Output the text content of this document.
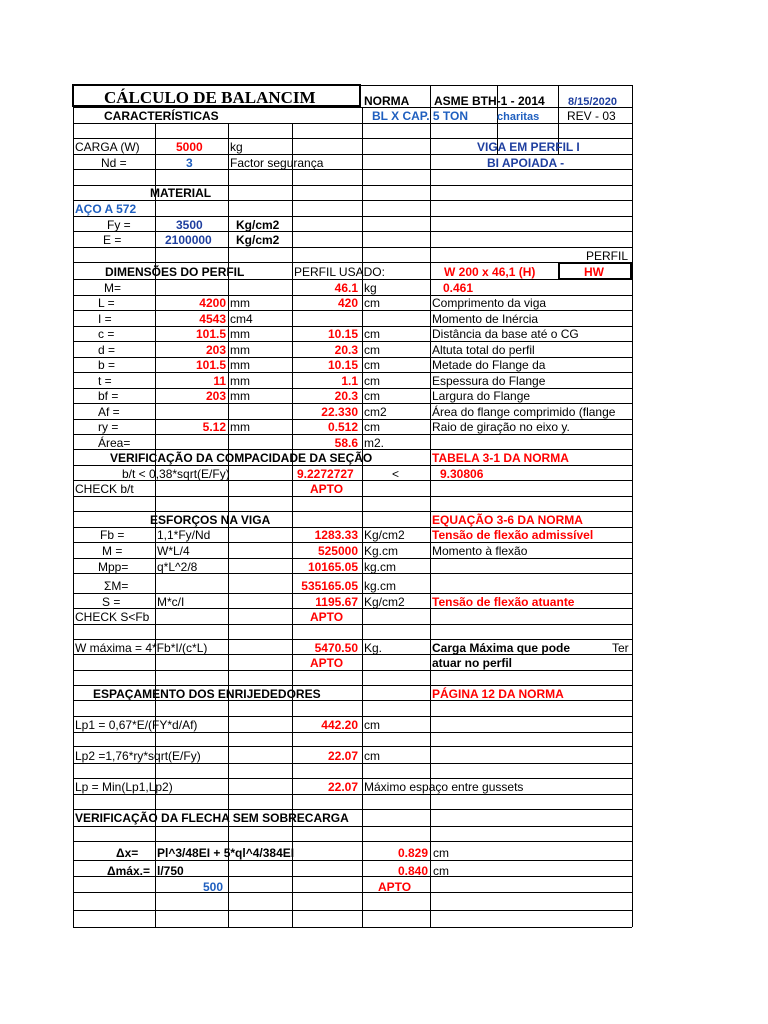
CÁLCULO DE BALANCIM	NORMA ASME BTH-1 - 2014 8/15/2020
CARACTERÍSTICAS	BL X CAP. 5 TON	charitas REV - 03
CARGA (W)	5000 kg	VIGA EM PERFIL I
Nd =	3	Factor segurança	BI APOIADA -
MATERIAL
AÇO A 572
Fy =	3500	Kg/cm2
E =	2100000 Kg/cm2
PERFIL
DIMENSÕES DO PERFIL	PERFIL USADO:	W 200 x 46,1 (H)	HW
M=	46.1 kg	0.461
L =	4200 mm	420 cm	Comprimento da viga
I =	4543 cm4	Momento de Inércia
c =	101.5 mm	10.15 cm	Distância da base até o CG
d =	203 mm	20.3 cm	Altuta total do perfil
b =	101.5 mm	10.15 cm	Metade do Flange da
t =	11 mm	1.1 cm	Espessura do Flange
bf =	203 mm	20.3 cm	Largura do Flange
Af =	22.330 cm2	Área do flange comprimido (flange
ry =	5.12 mm	0.512 cm	Raio de giração no eixo y.
Área=	58.6 m2.
VERIFICAÇÃO DA COMPACIDADE DA SEÇÃO	TABELA 3-1 DA NORMA
b/t < 0,38*sqrt(E/Fy)	9.2272727	<	9.30806
CHECK b/t	APTO
ESFORÇOS NA VIGA	EQUAÇÃO 3-6 DA NORMA
Fb =	1,1*Fy/Nd	1283.33 Kg/cm2 Tensão de flexão admissível
M =	W*L/4	525000 Kg.cm	Momento à flexão
Mpp= q*L^2/8	10165.05 kg.cm
ΣM=	535165.05 kg.cm
S =	M*c/I	1195.67 Kg/cm2 Tensão de flexão atuante
CHECK S<Fb	APTO
W máxima = 4*Fb*I/(c*L)	5470.50 Kg.	Carga Máxima que pode	Ter
APTO	atuar no perfil
ESPAÇAMENTO DOS ENRIJEDEDORES	PÁGINA 12 DA NORMA
Lp1 = 0,67*E/(FY*d/Af)	442.20 cm
Lp2 =1,76*ry*sqrt(E/Fy)	22.07 cm
Lp = Min(Lp1,Lp2)	22.07 Máximo espaço entre gussets
VERIFICAÇÃO DA FLECHA SEM SOBRECARGA
Δx= Pl^3/48EI + 5*ql^4/384EI	0.829 cm
Δmáx.= l/750	0.840 cm
500	APTO
